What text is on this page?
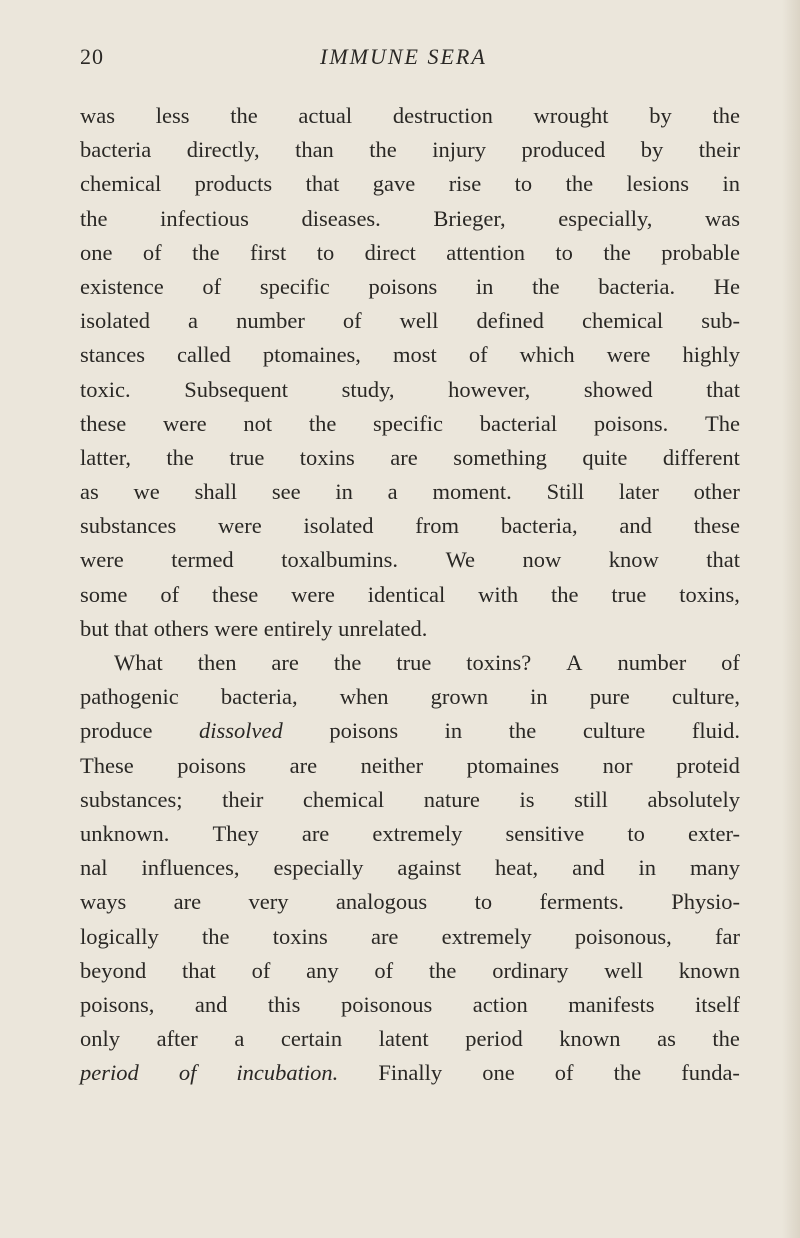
20	IMMUNE SERA
was less the actual destruction wrought by the
bacteria directly, than the injury produced by their
chemical products that gave rise to the lesions in
the infectious diseases. Brieger, especially, was
one of the first to direct attention to the probable
existence of specific poisons in the bacteria. He
isolated a number of well defined chemical sub-
stances called ptomaines, most of which were highly
toxic. Subsequent study, however, showed that
these were not the specific bacterial poisons. The
latter, the true toxins are something quite different
as we shall see in a moment. Still later other
substances were isolated from bacteria, and these
were termed toxalbumins. We now know that
some of these were identical with the true toxins,
but
that
others
were
entirely
unrelated.
What then are the true toxins? A number of
pathogenic bacteria, when grown in pure culture,
produce dissolved poisons in the culture fluid.
These poisons are neither ptomaines nor proteid
substances; their chemical nature is still absolutely
unknown. They are extremely sensitive to exter-
nal influences, especially against heat, and in many
ways are very analogous to ferments. Physio-
logically the toxins are extremely poisonous, far
beyond that of any of the ordinary well known
poisons, and this poisonous action manifests itself
only after a certain latent period known as the
period of incubation. Finally one of the funda-
